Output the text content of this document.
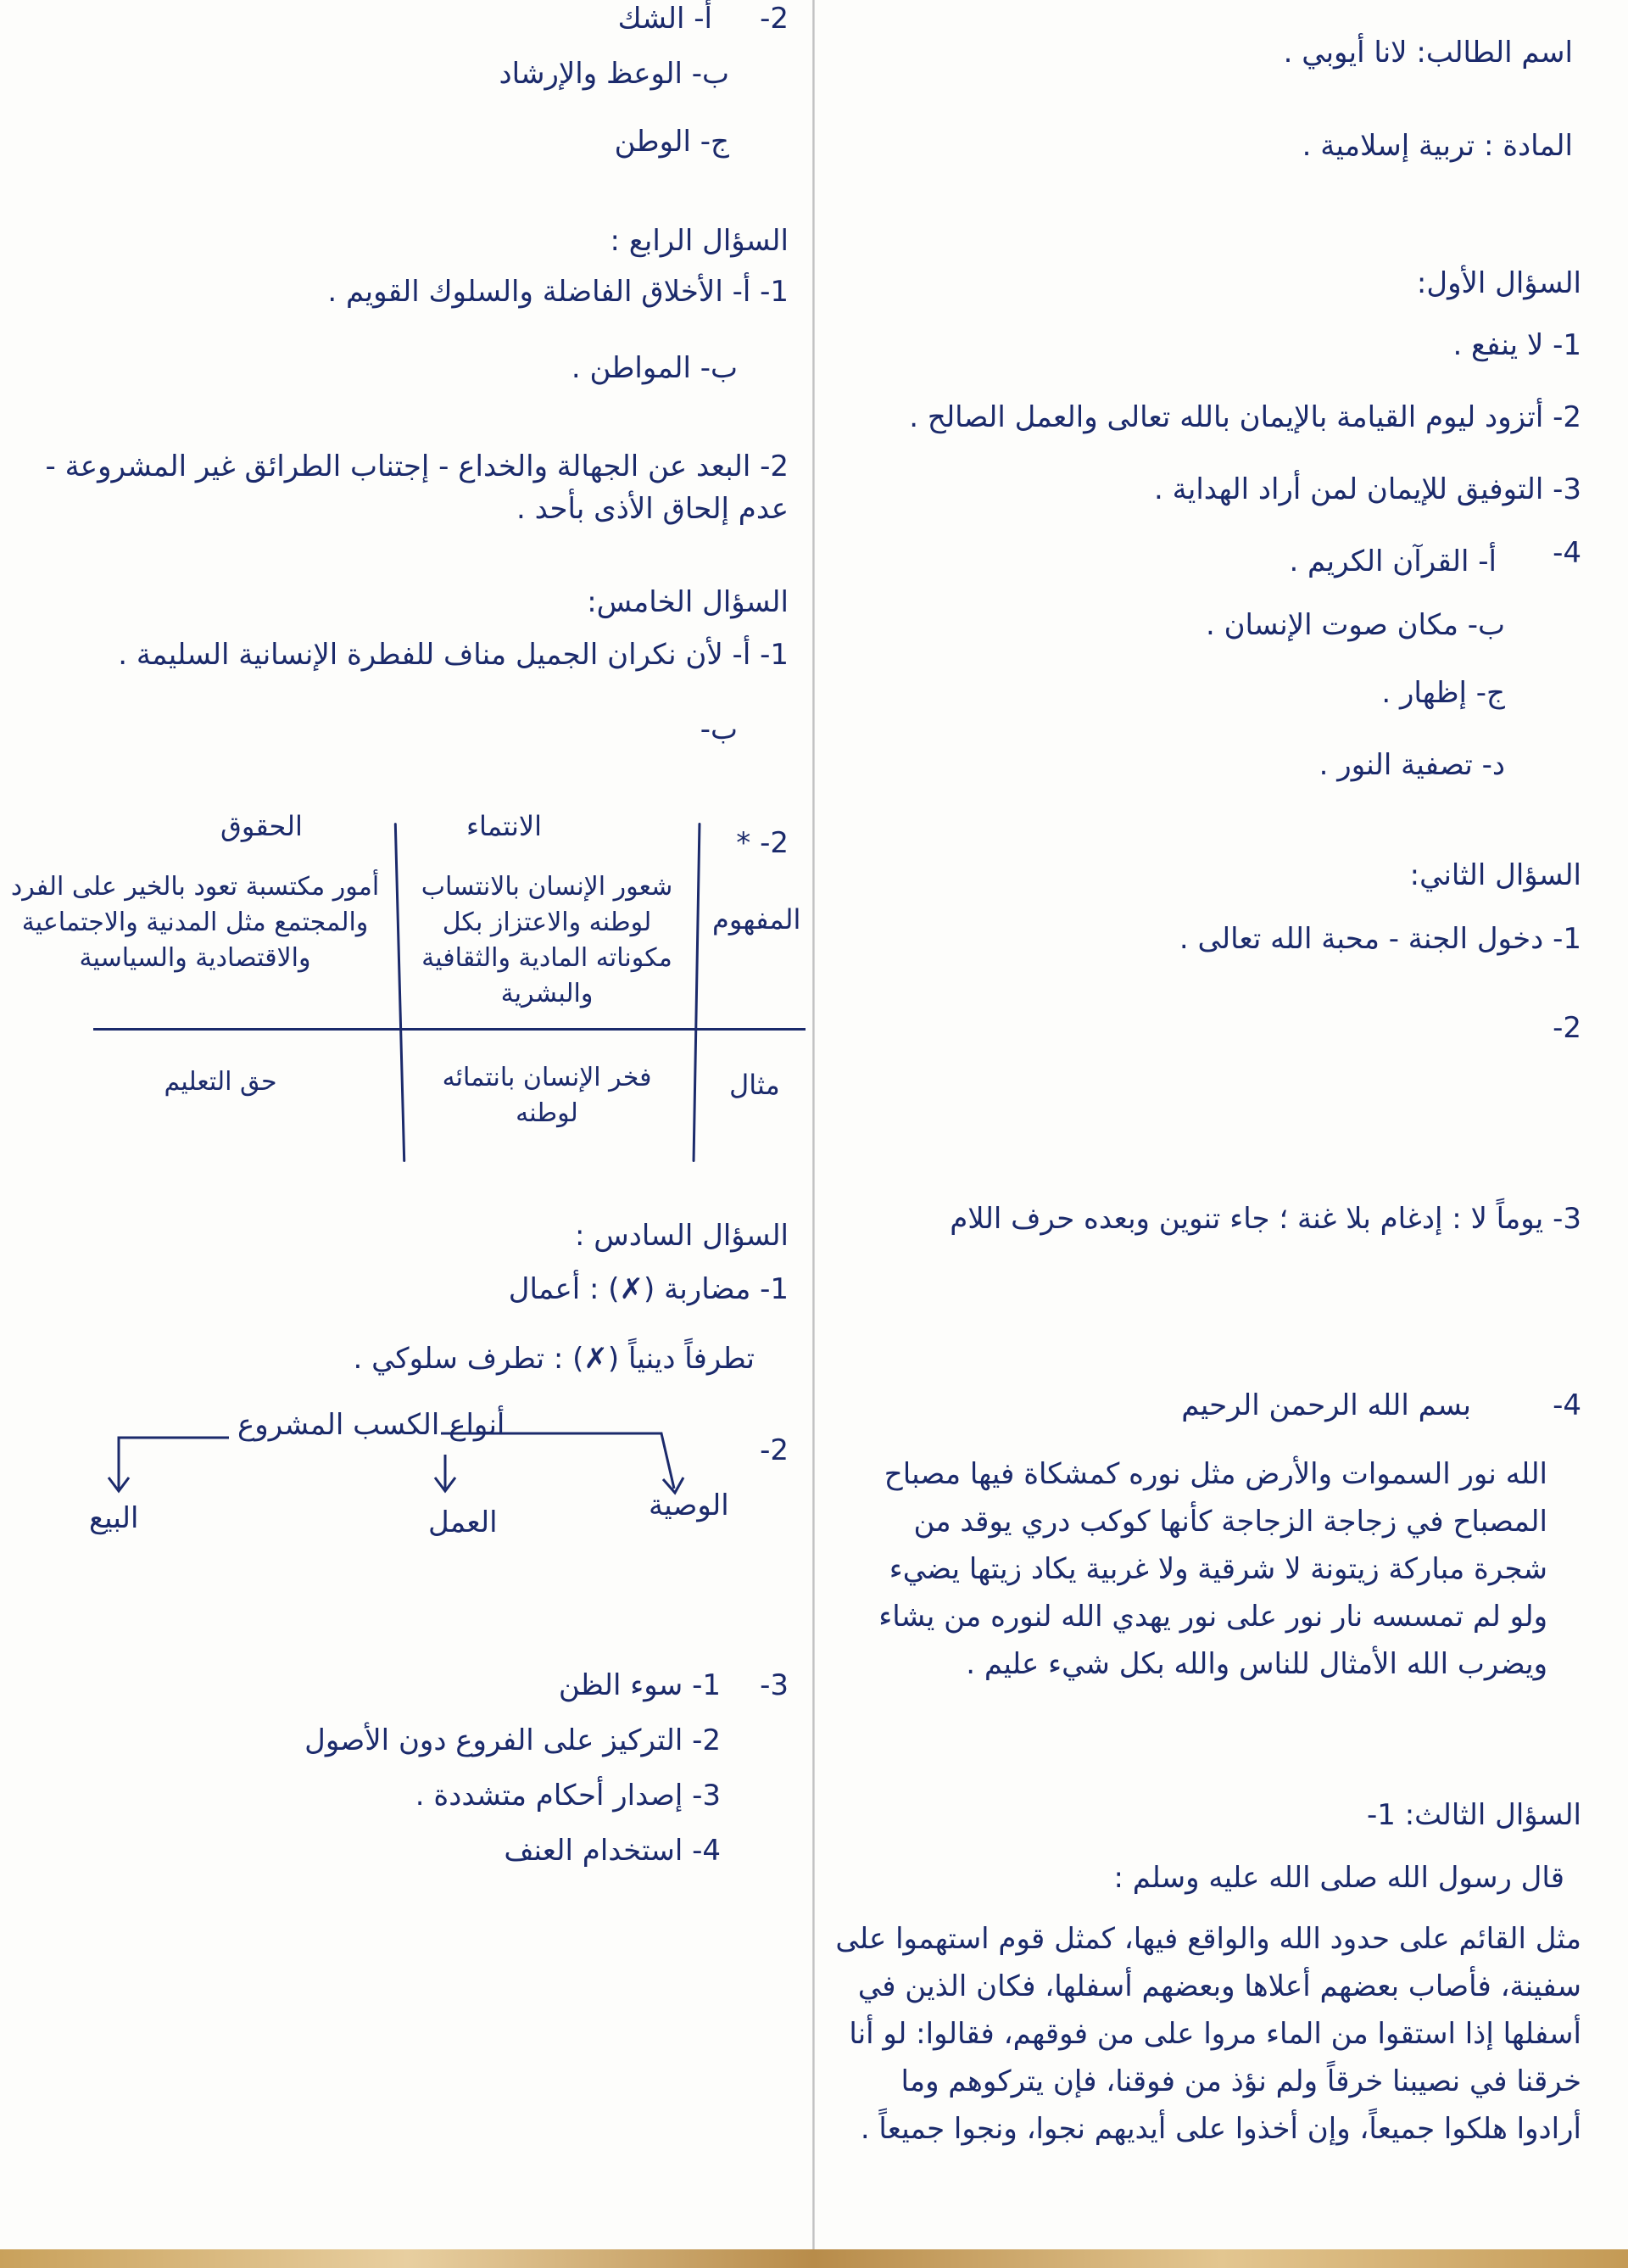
اسم الطالب: لانا أيوبي .
المادة : تربية إسلامية .
السؤال الأول:
1- لا ينفع .
2- أتزود ليوم القيامة بالإيمان بالله تعالى والعمل الصالح .
3- التوفيق للإيمان لمن أراد الهداية .
4-
أ- القرآن الكريم .
ب- مكان صوت الإنسان .
ج- إظهار .
د- تصفية النور .
السؤال الثاني:
1- دخول الجنة - محبة الله تعالى .
2-
3- يوماً لا : إدغام بلا غنة ؛ جاء تنوين وبعده حرف اللام
4-
بسم الله الرحمن الرحيم
الله نور السموات والأرض مثل نوره كمشكاة فيها مصباح المصباح في زجاجة الزجاجة كأنها كوكب دري يوقد من شجرة مباركة زيتونة لا شرقية ولا غربية يكاد زيتها يضيء ولو لم تمسسه نار نور على نور يهدي الله لنوره من يشاء ويضرب الله الأمثال للناس والله بكل شيء عليم .
السؤال الثالث: 1-
قال رسول الله صلى الله عليه وسلم :
مثل القائم على حدود الله والواقع فيها، كمثل قوم استهموا على سفينة، فأصاب بعضهم أعلاها وبعضهم أسفلها، فكان الذين في أسفلها إذا استقوا من الماء مروا على من فوقهم، فقالوا: لو أنا خرقنا في نصيبنا خرقاً ولم نؤذ من فوقنا، فإن يتركوهم وما أرادوا هلكوا جميعاً، وإن أخذوا على أيديهم نجوا، ونجوا جميعاً .
2-
أ- الشك
ب- الوعظ والإرشاد
ج- الوطن
السؤال الرابع :
1- أ- الأخلاق الفاضلة والسلوك القويم .
ب- المواطن .
2- البعد عن الجهالة والخداع - إجتناب الطرائق غير المشروعة - عدم إلحاق الأذى بأحد .
السؤال الخامس:
1- أ- لأن نكران الجميل مناف للفطرة الإنسانية السليمة .
ب-
2- *
الانتماء
الحقوق
المفهوم
مثال
شعور الإنسان بالانتساب لوطنه والاعتزاز بكل مكوناته المادية والثقافية والبشرية
أمور مكتسبة تعود بالخير على الفرد والمجتمع مثل المدنية والاجتماعية والاقتصادية والسياسية
فخر الإنسان بانتمائه لوطنه
حق التعليم
السؤال السادس :
1- مضاربة (✗) : أعمال
تطرفاً دينياً (✗) : تطرف سلوكي .
2-
أنواع الكسب المشروع
البيع	العمل	الوصية
3-
1- سوء الظن
2- التركيز على الفروع دون الأصول
3- إصدار أحكام متشددة .
4- استخدام العنف
